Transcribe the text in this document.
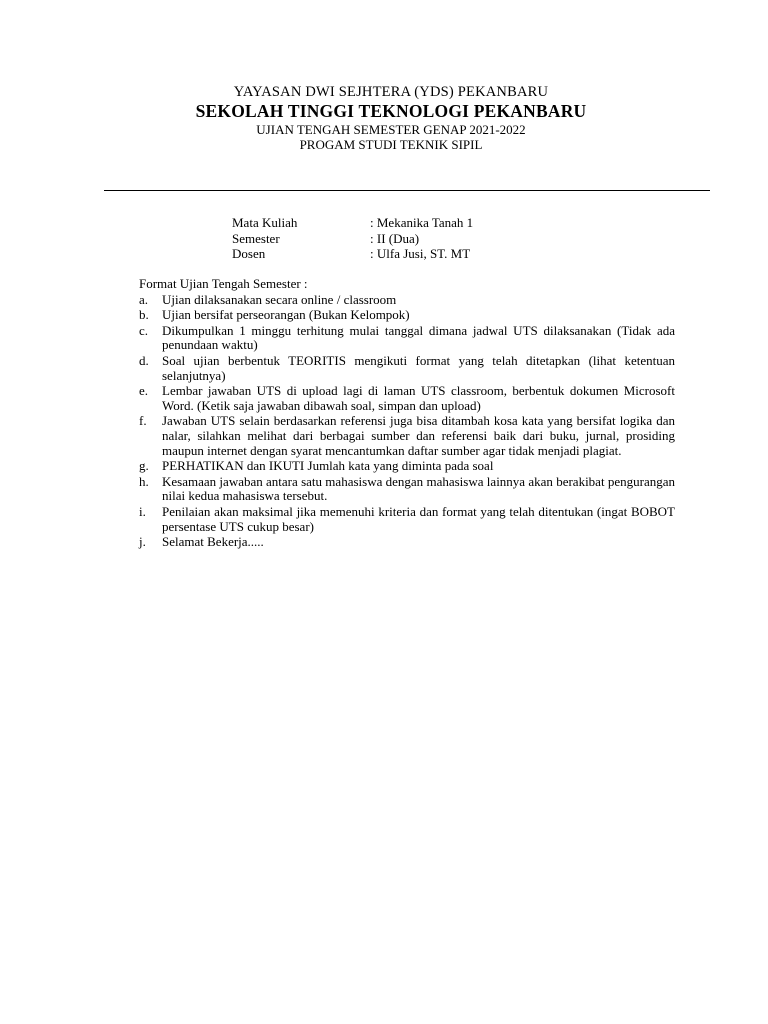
YAYASAN DWI SEJHTERA (YDS) PEKANBARU
SEKOLAH TINGGI TEKNOLOGI PEKANBARU
UJIAN TENGAH SEMESTER GENAP 2021-2022
PROGAM STUDI TEKNIK SIPIL
Mata Kuliah	: Mekanika Tanah 1
Semester	: II (Dua)
Dosen	: Ulfa Jusi, ST. MT
Format Ujian Tengah Semester :
a.	Ujian dilaksanakan secara online / classroom
b.	Ujian bersifat perseorangan (Bukan Kelompok)
c.	Dikumpulkan 1 minggu terhitung mulai tanggal dimana jadwal UTS dilaksanakan (Tidak ada penundaan waktu)
d.	Soal ujian berbentuk TEORITIS mengikuti format yang telah ditetapkan (lihat ketentuan selanjutnya)
e.	Lembar jawaban UTS di upload lagi di laman UTS classroom, berbentuk dokumen Microsoft Word. (Ketik saja jawaban dibawah soal, simpan dan upload)
f.	Jawaban UTS selain berdasarkan referensi juga bisa ditambah kosa kata yang bersifat logika dan nalar, silahkan melihat dari berbagai sumber dan referensi baik dari buku, jurnal, prosiding maupun internet dengan syarat mencantumkan daftar sumber agar tidak menjadi plagiat.
g.	PERHATIKAN dan IKUTI Jumlah kata yang diminta pada soal
h.	Kesamaan jawaban antara satu mahasiswa dengan mahasiswa lainnya akan berakibat pengurangan nilai kedua mahasiswa tersebut.
i.	Penilaian akan maksimal jika memenuhi kriteria dan format yang telah ditentukan (ingat BOBOT persentase UTS cukup besar)
j.	Selamat Bekerja.....
